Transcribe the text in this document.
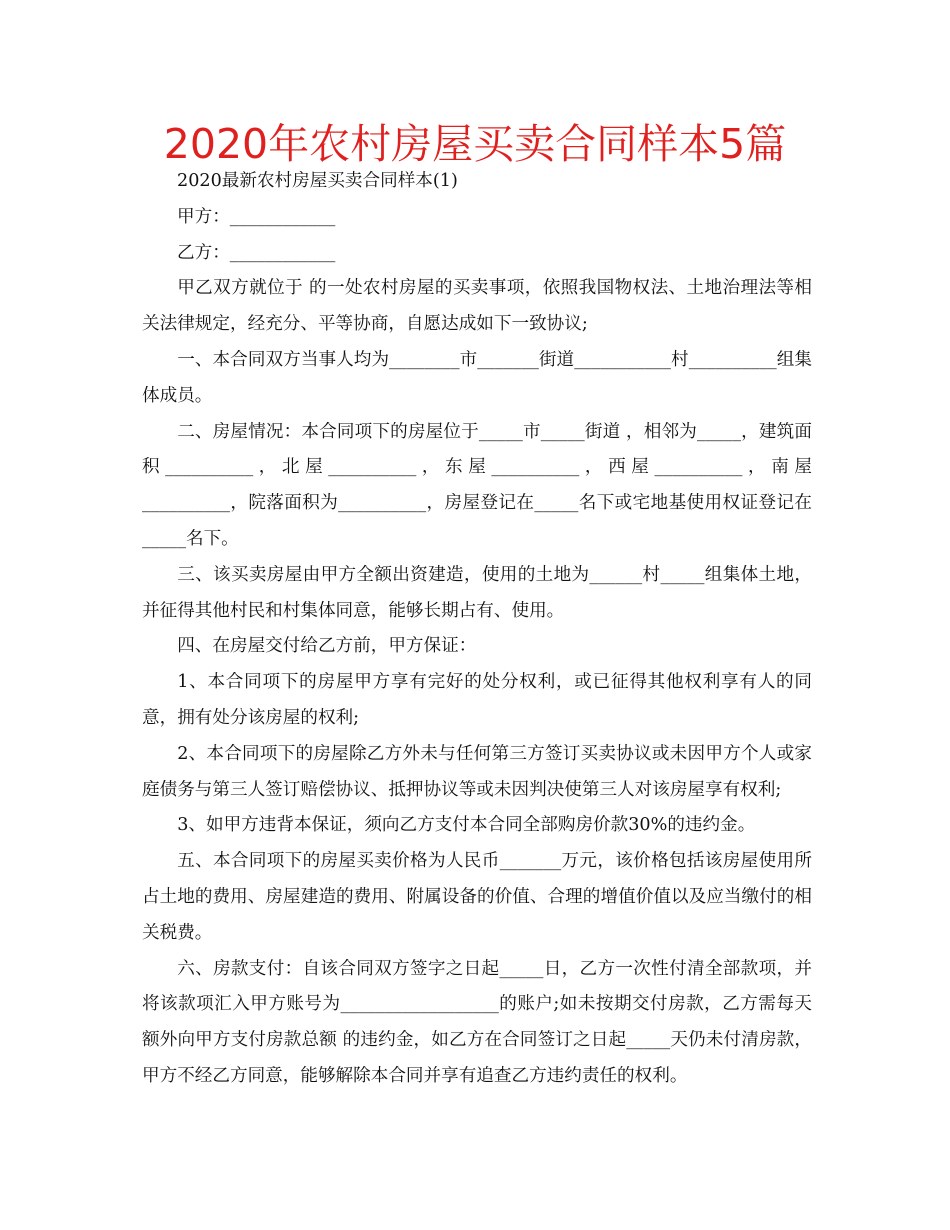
2020年农村房屋买卖合同样本5篇

2020最新农村房屋买卖合同样本(1)

甲方：____________

乙方：____________

甲乙双方就位于 的一处农村房屋的买卖事项，依照我国物权法、土地治理法等相关法律规定，经充分、平等协商，自愿达成如下一致协议;

一、本合同双方当事人均为________市_______街道___________村__________组集体成员。

二、房屋情况：本合同项下的房屋位于_____市_____街道 ，相邻为_____，建筑面积__________，北屋__________，东屋__________，西屋__________，南屋__________，院落面积为__________，房屋登记在_____名下或宅地基使用权证登记在_____名下。

三、该买卖房屋由甲方全额出资建造，使用的土地为______村_____组集体土地，并征得其他村民和村集体同意，能够长期占有、使用。

四、在房屋交付给乙方前，甲方保证：

1、本合同项下的房屋甲方享有完好的处分权利，或已征得其他权利享有人的同意，拥有处分该房屋的权利;

2、本合同项下的房屋除乙方外未与任何第三方签订买卖协议或未因甲方个人或家庭债务与第三人签订赔偿协议、抵押协议等或未因判决使第三人对该房屋享有权利;

3、如甲方违背本保证，须向乙方支付本合同全部购房价款30%的违约金。

五、本合同项下的房屋买卖价格为人民币_______万元，该价格包括该房屋使用所占土地的费用、房屋建造的费用、附属设备的价值、合理的增值价值以及应当缴付的相关税费。

六、房款支付：自该合同双方签字之日起_____日，乙方一次性付清全部款项，并将该款项汇入甲方账号为__________________的账户;如未按期交付房款，乙方需每天额外向甲方支付房款总额 的违约金，如乙方在合同签订之日起_____天仍未付清房款，甲方不经乙方同意，能够解除本合同并享有追查乙方违约责任的权利。
